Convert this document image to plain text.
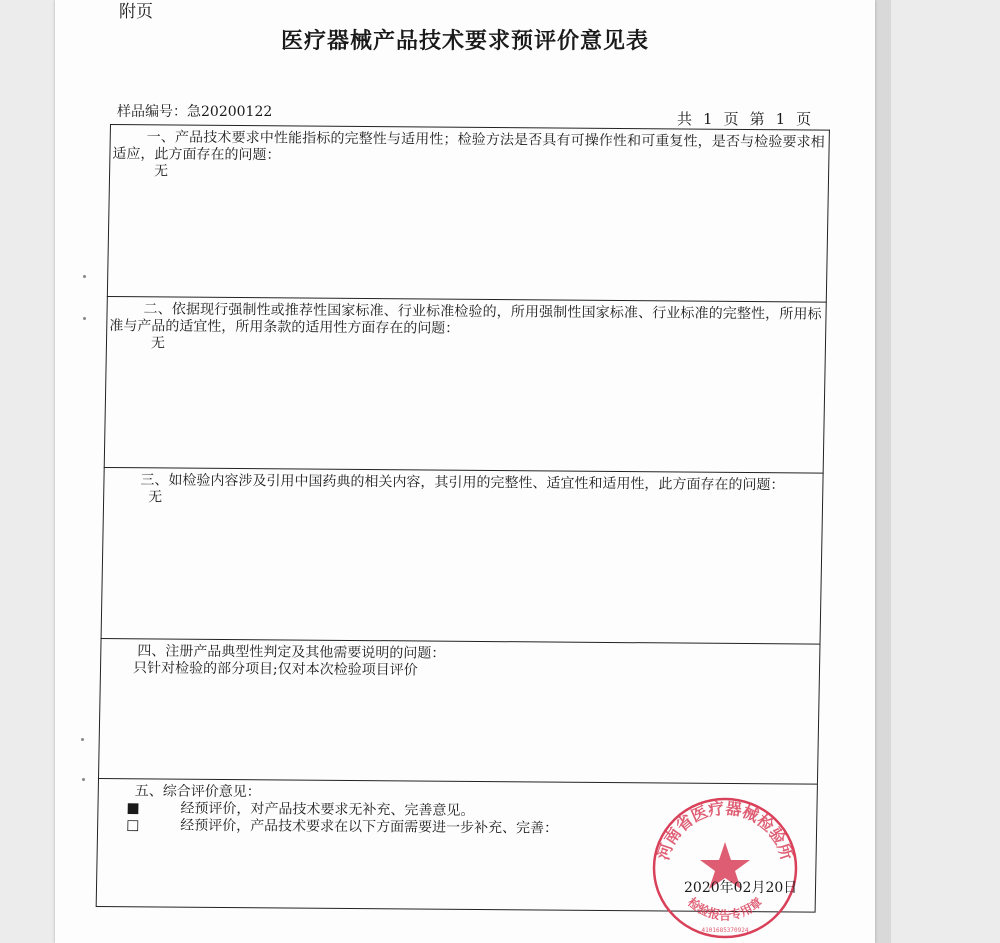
附页
医疗器械产品技术要求预评价意见表
样品编号：急20200122	共 1 页 第 1 页
一、产品技术要求中性能指标的完整性与适用性；检验方法是否具有可操作性和可重复性，是否与检验要求相适应，此方面存在的问题：
无
二、依据现行强制性或推荐性国家标准、行业标准检验的，所用强制性国家标准、行业标准的完整性，所用标准与产品的适宜性，所用条款的适用性方面存在的问题：
无
三、如检验内容涉及引用中国药典的相关内容，其引用的完整性、适宜性和适用性，此方面存在的问题：
无
四、注册产品典型性判定及其他需要说明的问题：
只针对检验的部分项目;仅对本次检验项目评价
五、综合评价意见：
■	经预评价，对产品技术要求无补充、完善意见。
□	经预评价，产品技术要求在以下方面需要进一步补充、完善：
河南省医疗器械检验所
检验报告专用章
4101685370924
2020年02月20日
